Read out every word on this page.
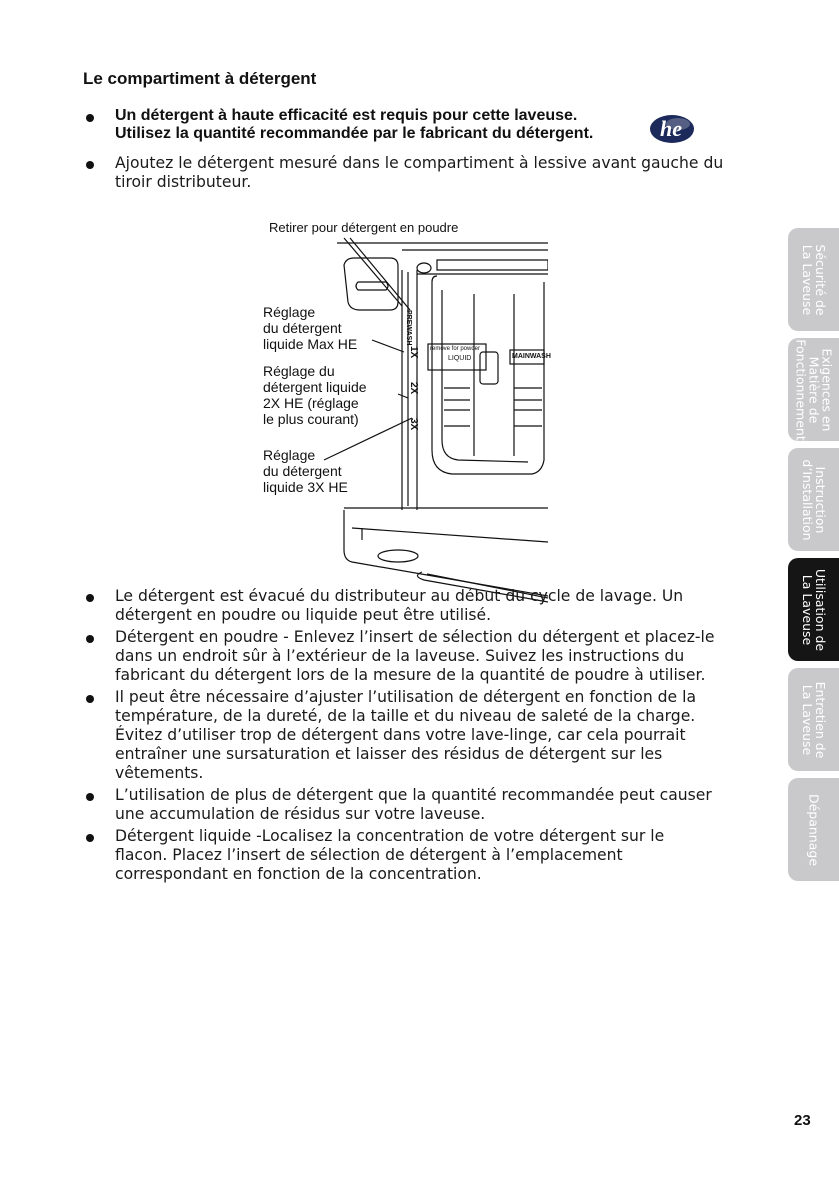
Le compartiment à détergent
Un détergent à haute efficacité est requis pour cette laveuse. Utilisez la quantité recommandée par le fabricant du détergent.
Ajoutez le détergent mesuré dans le compartiment à lessive avant gauche du tiroir distributeur.
he
Retirer pour détergent en poudre
Réglage
du détergent
liquide Max HE
Réglage du
détergent liquide
2X HE (réglage
le plus courant)
Réglage
du détergent
liquide 3X HE
PREWASH
MAINWASH
remove for powder
LIQUID
1X
2X
3X
Le détergent est évacué du distributeur au début du cycle de lavage. Un détergent en poudre ou liquide peut être utilisé.
Détergent en poudre - Enlevez l’insert de sélection du détergent et placez-le dans un endroit sûr à l’extérieur de la laveuse. Suivez les instructions du fabricant du détergent lors de la mesure de la quantité de poudre à utiliser.
Il peut être nécessaire d’ajuster l’utilisation de détergent en fonction de la température, de la dureté, de la taille et du niveau de saleté de la charge. Évitez d’utiliser trop de détergent dans votre lave-linge, car cela pourrait entraîner une sursaturation et laisser des résidus de détergent sur les vêtements.
L’utilisation de plus de détergent que la quantité recommandée peut causer une accumulation de résidus sur votre laveuse.
Détergent liquide -Localisez la concentration de votre détergent sur le flacon. Placez l’insert de sélection de détergent à l’emplacement correspondant en fonction de la concentration.
Sécurité de
La Laveuse
Exigences en
Matière de
Fonctionnement
Instruction
d’Installation
Utilisation de
La Laveuse
Entretien de
La Laveuse
Dépannage
23
